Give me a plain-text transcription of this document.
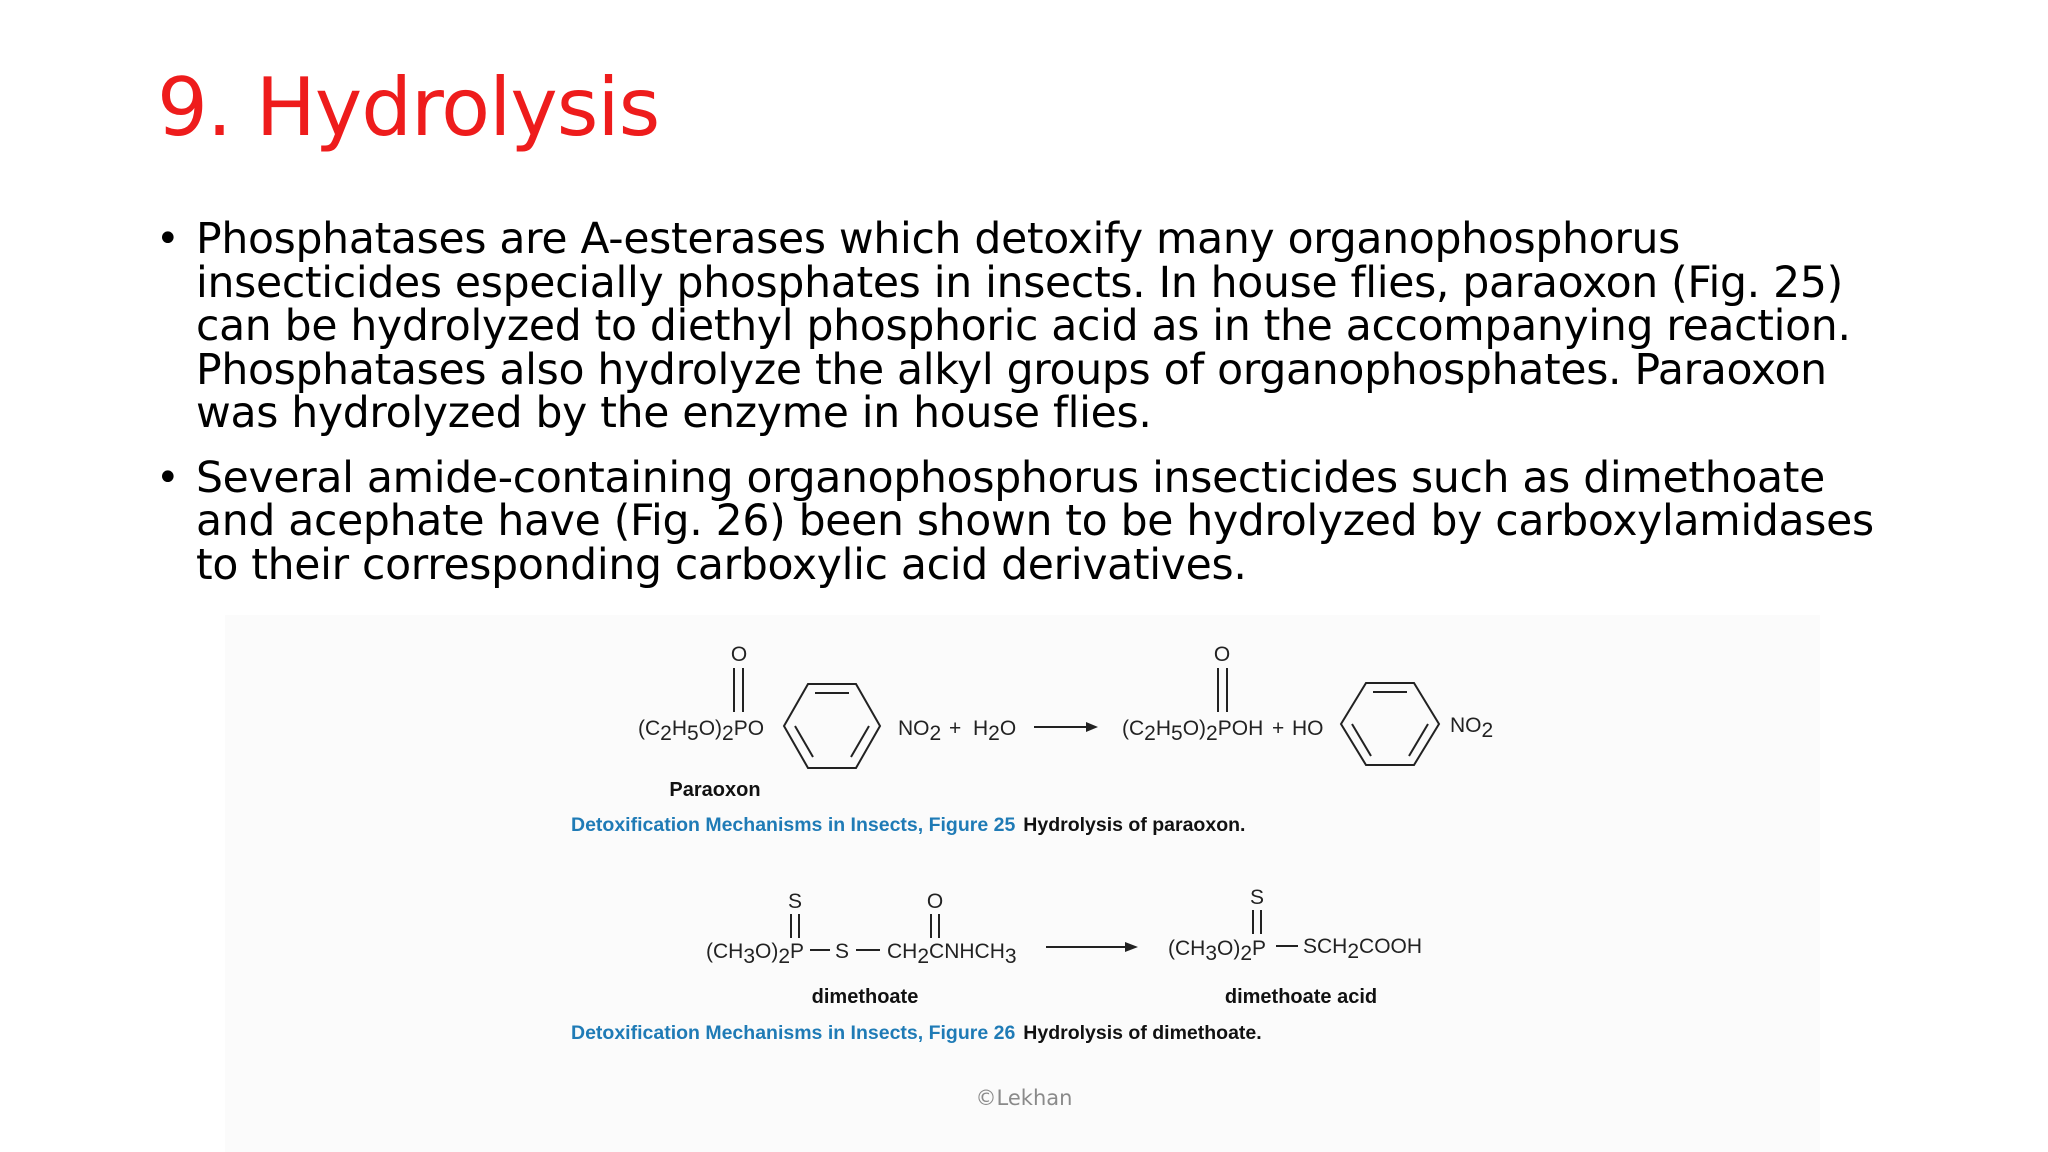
9. Hydrolysis
• Phosphatases are A-esterases which detoxify many organophosphorus insecticides especially phosphates in insects. In house flies, paraoxon (Fig. 25) can be hydrolyzed to diethyl phosphoric acid as in the accompanying reaction. Phosphatases also hydrolyze the alkyl groups of organophosphates. Paraoxon was hydrolyzed by the enzyme in house flies.
• Several amide-containing organophosphorus insecticides such as dimethoate and acephate have (Fig. 26) been shown to be hydrolyzed by carboxylamidases to their corresponding carboxylic acid derivatives.
O
(C2H5O)2PO	NO2 + H2O
O
(C2H5O)2POH + HO	NO2
Paraoxon
S	O
(CH3O)2P S CH2CNHCH3
S
(CH3O)2P SCH2COOH
dimethoate	dimethoate acid
Detoxification Mechanisms in Insects, Figure 25 Hydrolysis of paraoxon.
Detoxification Mechanisms in Insects, Figure 26 Hydrolysis of dimethoate.
©Lekhan
